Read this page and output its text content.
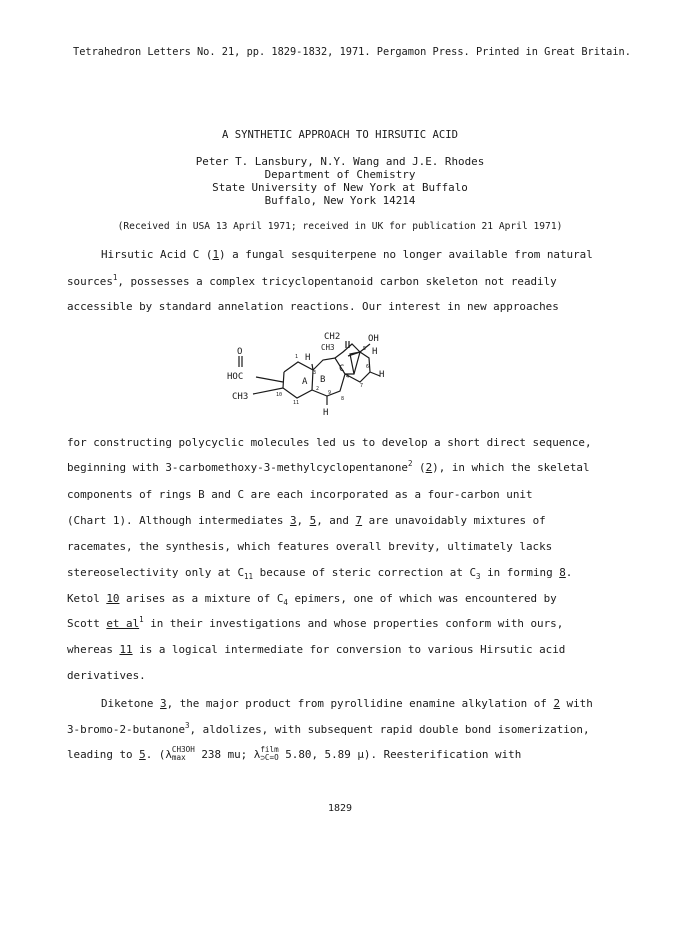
Tetrahedron Letters No. 21, pp. 1829-1832, 1971. Pergamon Press. Printed in Great Britain.
A SYNTHETIC APPROACH TO HIRSUTIC ACID
Peter T. Lansbury, N.Y. Wang and J.E. Rhodes
Department of Chemistry
State University of New York at Buffalo
Buffalo, New York 14214
(Received in USA 13 April 1971; received in UK for publication 21 April 1971)
Hirsutic Acid C (1) a fungal sesquiterpene no longer available from natural
sources$^1$, possesses a complex tricyclopentanoid carbon skeleton not readily
accessible by standard annelation reactions. Our interest in new approaches
CH2	OH
CH3	H
C
H
B
A
H
H
O
HOC
CH3
1
2
3
4
5
6
7
8
9
10
11
for constructing polycyclic molecules led us to develop a short direct sequence,
beginning with 3-carbomethoxy-3-methylcyclopentanone$^2$ (2), in which the skeletal
components of rings B and C are each incorporated as a four-carbon unit
(Chart 1). Although intermediates 3, 5, and 7 are unavoidably mixtures of
racemates, the synthesis, which features overall brevity, ultimately lacks
stereoselectivity only at $C_{11}$ because of steric correction at $C_3$ in forming 8.
Ketol 10 arises as a mixture of $C_4$ epimers, one of which was encountered by
Scott et $al^1$ in their investigations and whose properties conform with ours,
whereas 11 is a logical intermediate for conversion to various Hirsutic acid
derivatives.
Diketone 3, the major product from pyrollidine enamine alkylation of 2 with
3-bromo-2-butanone$^3$, aldolizes, with subsequent rapid double bond isomerization,
leading to 5. (λ CH3OH
max 238 mu; λ film
⊃C=O 5.80, 5.89 µ). Reesterification with
1829
